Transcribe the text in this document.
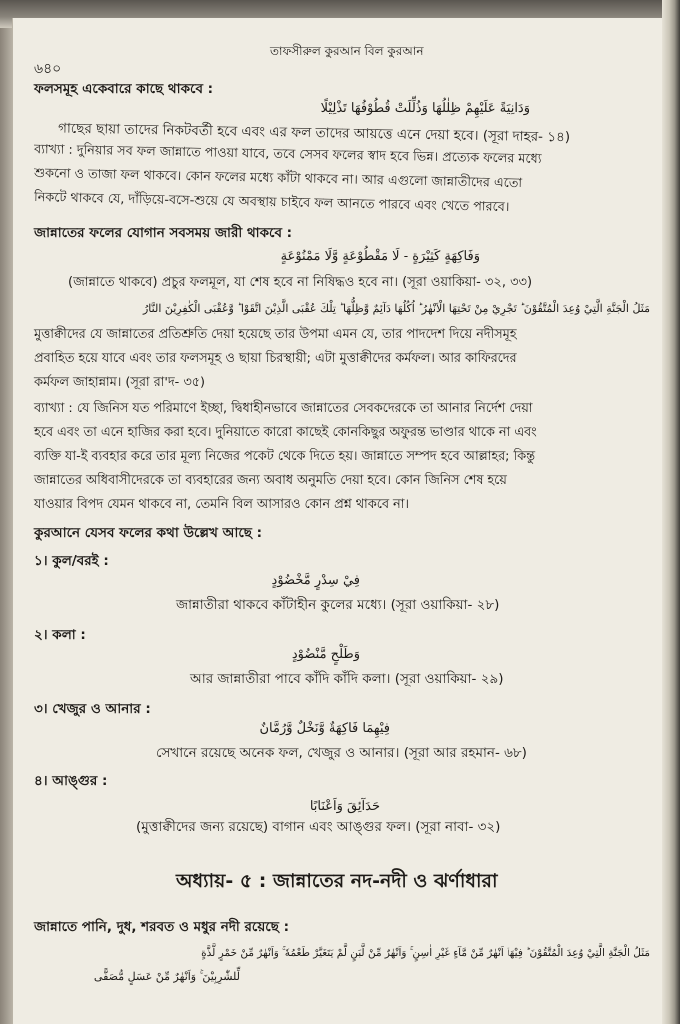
তাফসীরুল কুরআন বিল কুরআন
৬৪০
ফলসমূহ একেবারে কাছে থাকবে :
وَدَانِيَةً عَلَيْهِمْ ظِلٰلُهَا وَذُلِّلَتْ قُطُوْفُهَا تَذْلِيْلًا
গাছের ছায়া তাদের নিকটবর্তী হবে এবং এর ফল তাদের আয়ত্তে এনে দেয়া হবে। (সূরা দাহর- ১৪)
ব্যাখ্যা : দুনিয়ার সব ফল জান্নাতে পাওয়া যাবে, তবে সেসব ফলের স্বাদ হবে ভিন্ন। প্রত্যেক ফলের মধ্যে
শুকনো ও তাজা ফল থাকবে। কোন ফলের মধ্যে কাঁটা থাকবে না। আর এগুলো জান্নাতীদের এতো
নিকটে থাকবে যে, দাঁড়িয়ে-বসে-শুয়ে যে অবস্থায় চাইবে ফল আনতে পারবে এবং খেতে পারবে।
জান্নাতের ফলের যোগান সবসময় জারী থাকবে :
وَفَاكِهَةٍ كَثِيْرَةٍ - لَا مَقْطُوْعَةٍ وَّلَا مَمْنُوْعَةٍ
(জান্নাতে থাকবে) প্রচুর ফলমূল, যা শেষ হবে না নিষিদ্ধও হবে না। (সূরা ওয়াকিয়া- ৩২, ৩৩)
مَثَلُ الْجَنَّةِ الَّتِيْ وُعِدَ الْمُتَّقُوْنَ ؕ تَجْرِيْ مِنْ تَحْتِهَا الْاَنْهٰرُ ؕ اُكُلُهَا دَآئِمٌ وَّظِلُّهَا ؕ تِلْكَ عُقْبَى الَّذِيْنَ اتَّقَوْا ؕ وَّعُقْبَى الْكٰفِرِيْنَ النَّارُ
মুত্তাক্বীদের যে জান্নাতের প্রতিশ্রুতি দেয়া হয়েছে তার উপমা এমন যে, তার পাদদেশ দিয়ে নদীসমূহ
প্রবাহিত হয়ে যাবে এবং তার ফলসমূহ ও ছায়া চিরস্থায়ী; এটা মুত্তাক্বীদের কর্মফল। আর কাফিরদের
কর্মফল জাহান্নাম। (সূরা রা'দ- ৩৫)
ব্যাখ্যা : যে জিনিস যত পরিমাণে ইচ্ছা, দ্বিধাহীনভাবে জান্নাতের সেবকদেরকে তা আনার নির্দেশ দেয়া
হবে এবং তা এনে হাজির করা হবে। দুনিয়াতে কারো কাছেই কোনকিছুর অফুরন্ত ভাণ্ডার থাকে না এবং
ব্যক্তি যা-ই ব্যবহার করে তার মূল্য নিজের পকেট থেকে দিতে হয়। জান্নাতে সম্পদ হবে আল্লাহর; কিন্তু
জান্নাতের অধিবাসীদেরকে তা ব্যবহারের জন্য অবাধ অনুমতি দেয়া হবে। কোন জিনিস শেষ হয়ে
যাওয়ার বিপদ যেমন থাকবে না, তেমনি বিল আসারও কোন প্রশ্ন থাকবে না।
কুরআনে যেসব ফলের কথা উল্লেখ আছে :
১। কুল/বরই :
فِيْ سِدْرٍ مَّخْضُوْدٍ
জান্নাতীরা থাকবে কাঁটাহীন কুলের মধ্যে। (সূরা ওয়াকিয়া- ২৮)
২। কলা :
وَطَلْحٍ مَّنْضُوْدٍ
আর জান্নাতীরা পাবে কাঁদি কাঁদি কলা। (সূরা ওয়াকিয়া- ২৯)
৩। খেজুর ও আনার :
فِيْهِمَا فَاكِهَةٌ وَّنَخْلٌ وَّرُمَّانٌ
সেখানে রয়েছে অনেক ফল, খেজুর ও আনার। (সূরা আর রহমান- ৬৮)
৪। আঙ্গুর :
حَدَآئِقَ وَاَعْنَابًا
(মুত্তাক্বীদের জন্য রয়েছে) বাগান এবং আঙ্গুর ফল। (সূরা নাবা- ৩২)
অধ্যায়- ৫ : জান্নাতের নদ-নদী ও ঝর্ণাধারা
জান্নাতে পানি, দুধ, শরবত ও মধুর নদী রয়েছে :
مَثَلُ الْجَنَّةِ الَّتِيْ وُعِدَ الْمُتَّقُوْنَ ؕ فِيْهَاۤ اَنْهٰرٌ مِّنْ مَّآءٍ غَيْرِ اٰسِنٍ ۚ وَاَنْهٰرٌ مِّنْ لَّبَنٍ لَّمْ يَتَغَيَّرْ طَعْمُهٗ ۚ وَاَنْهٰرٌ مِّنْ خَمْرٍ لَّذَّةٍ
لِّلشّٰرِبِيْنَ ۚ وَاَنْهٰرٌ مِّنْ عَسَلٍ مُّصَفًّى
